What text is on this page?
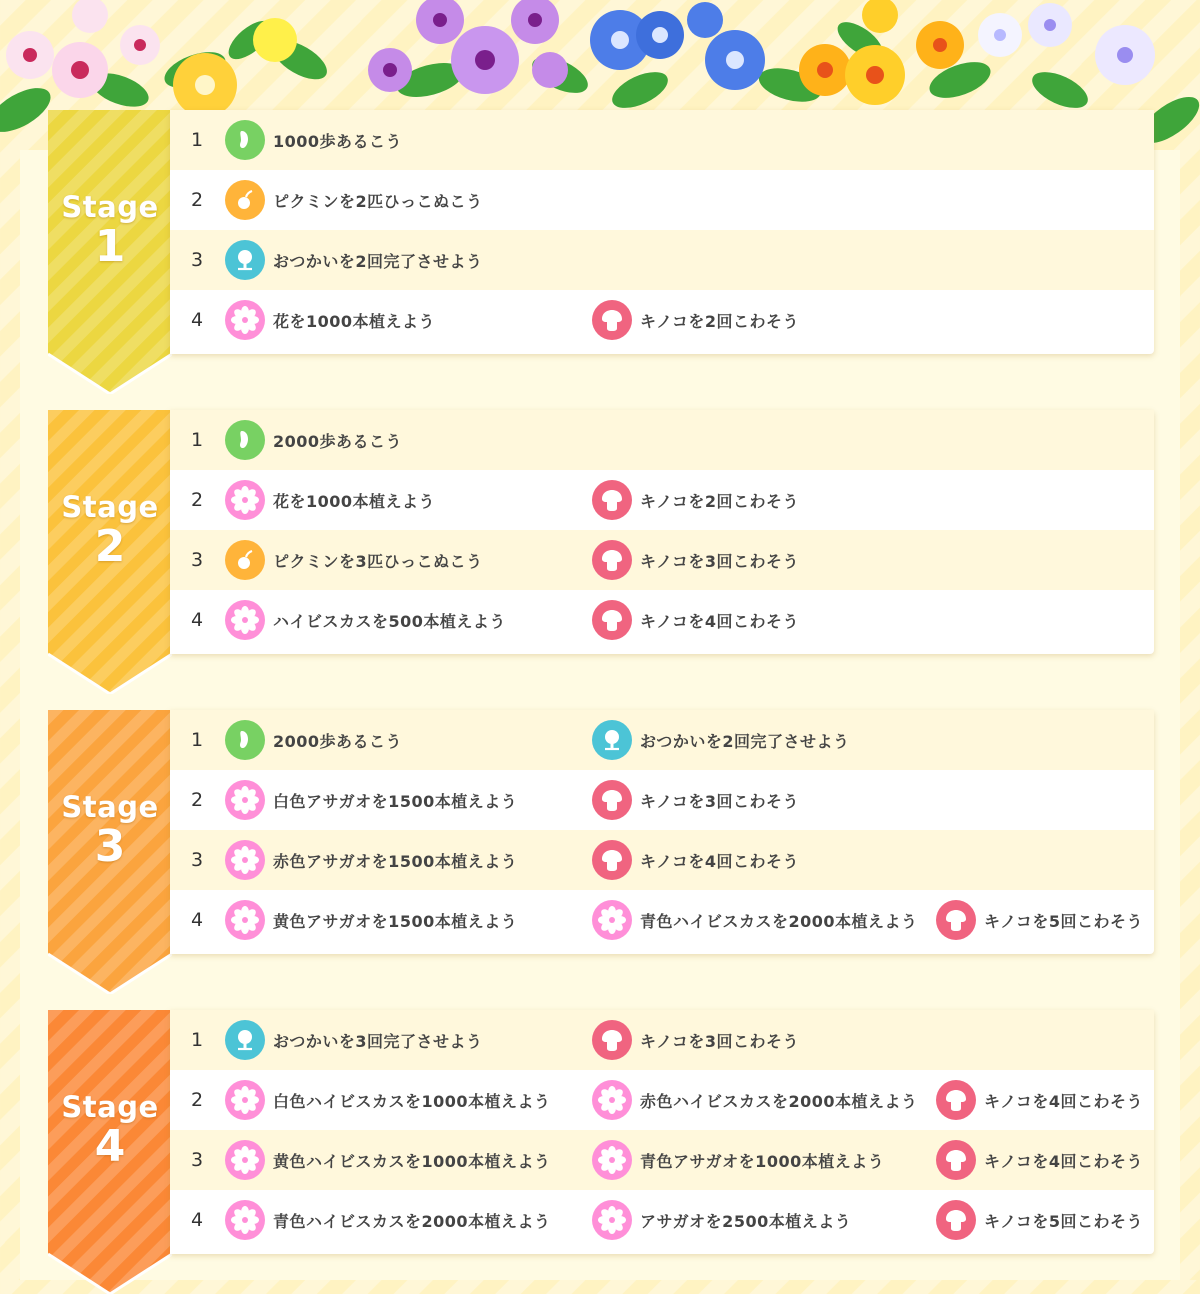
Stage
1
1	1000歩あるこう
2	ピクミンを2匹ひっこぬこう
3	おつかいを2回完了させよう
4	花を1000本植えよう	キノコを2回こわそう
Stage
2
1	2000歩あるこう
2	花を1000本植えよう	キノコを2回こわそう
3	ピクミンを3匹ひっこぬこう	キノコを3回こわそう
4	ハイビスカスを500本植えよう	キノコを4回こわそう
Stage
3
1	2000歩あるこう	おつかいを2回完了させよう
2	白色アサガオを1500本植えよう	キノコを3回こわそう
3	赤色アサガオを1500本植えよう	キノコを4回こわそう
4	黄色アサガオを1500本植えよう	青色ハイビスカスを2000本植えよう	キノコを5回こわそう
Stage
4
1	おつかいを3回完了させよう	キノコを3回こわそう
2	白色ハイビスカスを1000本植えよう	赤色ハイビスカスを2000本植えよう	キノコを4回こわそう
3	黄色ハイビスカスを1000本植えよう	青色アサガオを1000本植えよう	キノコを4回こわそう
4	青色ハイビスカスを2000本植えよう	アサガオを2500本植えよう	キノコを5回こわそう
